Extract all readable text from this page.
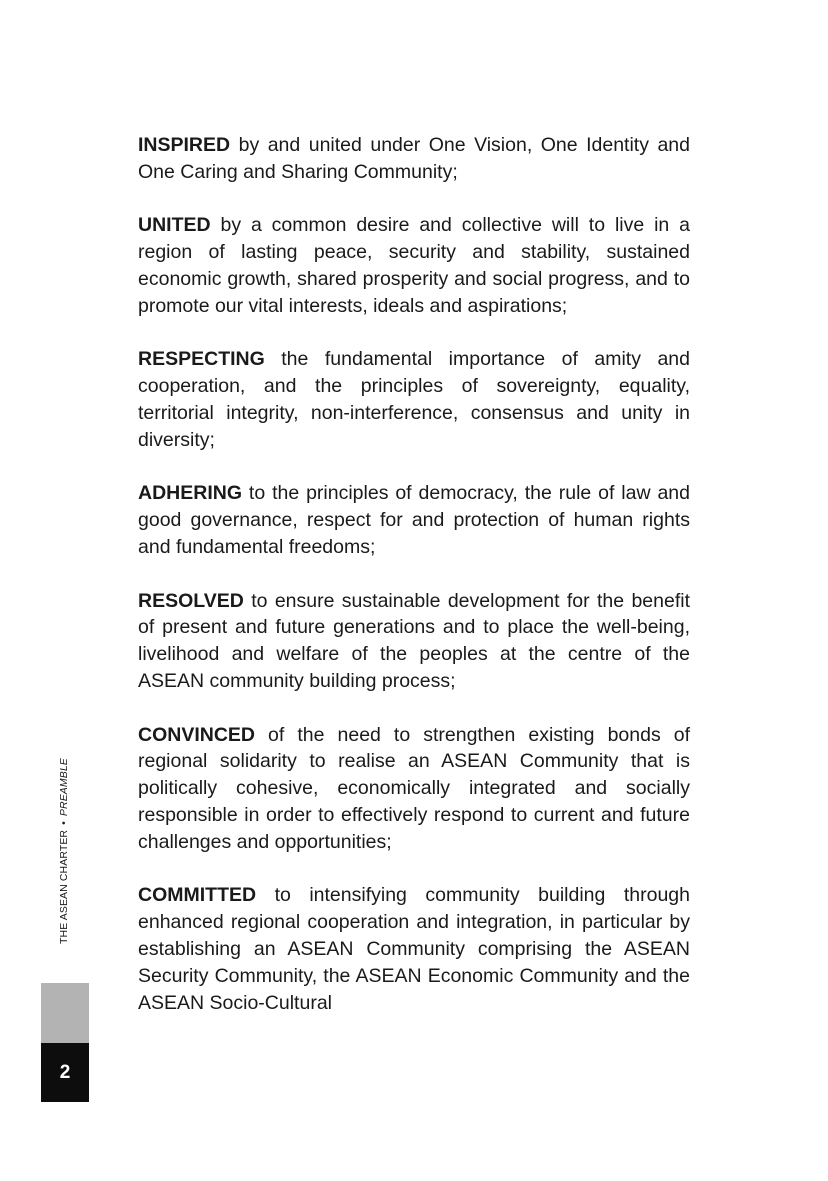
INSPIRED by and united under One Vision, One Identity and One Caring and Sharing Community;

UNITED by a common desire and collective will to live in a region of lasting peace, security and stability, sustained economic growth, shared prosperity and social progress, and to promote our vital interests, ideals and aspirations;

RESPECTING the fundamental importance of amity and cooperation, and the principles of sovereignty, equality, territorial integrity, non-interference, consensus and unity in diversity;

ADHERING to the principles of democracy, the rule of law and good governance, respect for and protection of human rights and fundamental freedoms;

RESOLVED to ensure sustainable development for the benefit of present and future generations and to place the well-being, livelihood and welfare of the peoples at the centre of the ASEAN community building process;

CONVINCED of the need to strengthen existing bonds of regional solidarity to realise an ASEAN Community that is politically cohesive, economically integrated and socially responsible in order to effectively respond to current and future challenges and opportunities;

COMMITTED to intensifying community building through enhanced regional cooperation and integration, in particular by establishing an ASEAN Community comprising the ASEAN Security Community, the ASEAN Economic Community and the ASEAN Socio-Cultural

THE ASEAN CHARTER•PREAMBLE
2
